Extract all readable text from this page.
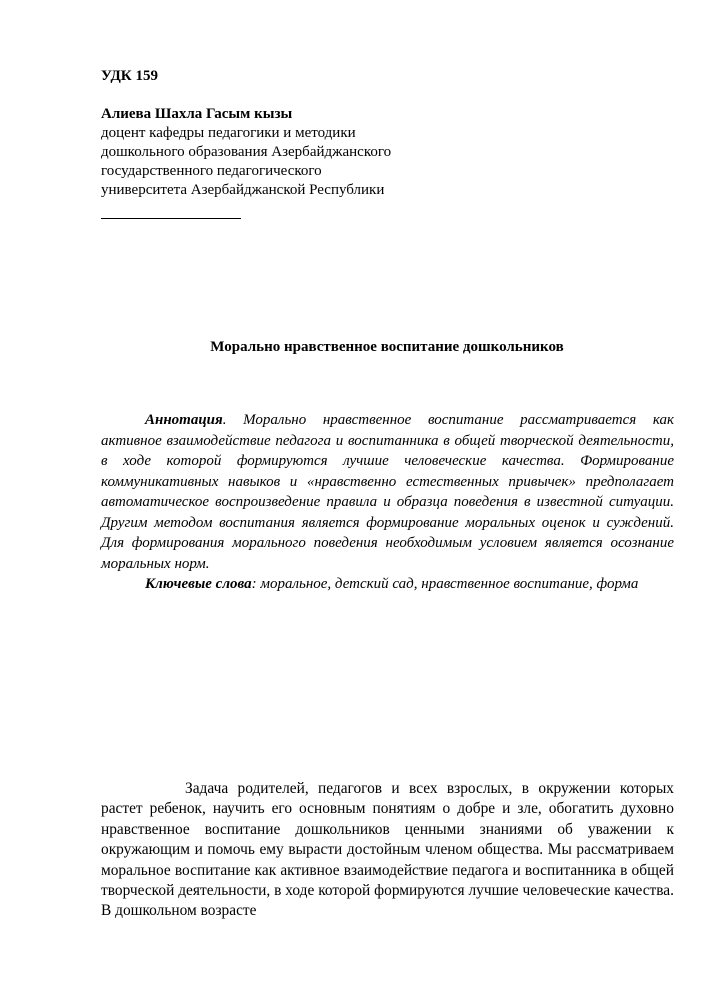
УДК 159
Алиева Шахла Гасым кызы
доцент кафедры педагогики и методики
дошкольного образования Азербайджанского
государственного педагогического
университета Азербайджанской Республики
Морально нравственное воспитание дошкольников

Аннотация. Морально нравственное воспитание рассматривается как активное взаимодействие педагога и воспитанника в общей творческой деятельности, в ходе которой формируются лучшие человеческие качества. Формирование коммуникативных навыков и «нравственно естественных привычек» предполагает автоматическое воспроизведение правила и образца поведения в известной ситуации. Другим методом воспитания является формирование моральных оценок и суждений. Для формирования морального поведения необходимым условием является осознание моральных норм.

Ключевые слова: моральное, детский сад, нравственное воспитание, форма

Задача родителей, педагогов и всех взрослых, в окружении которых растет ребенок, научить его основным понятиям о добре и зле, обогатить духовно нравственное воспитание дошкольников ценными знаниями об уважении к окружающим и помочь ему вырасти достойным членом общества. Мы рассматриваем моральное воспитание как активное взаимодействие педагога и воспитанника в общей творческой деятельности, в ходе которой формируются лучшие человеческие качества. В дошкольном возрасте
